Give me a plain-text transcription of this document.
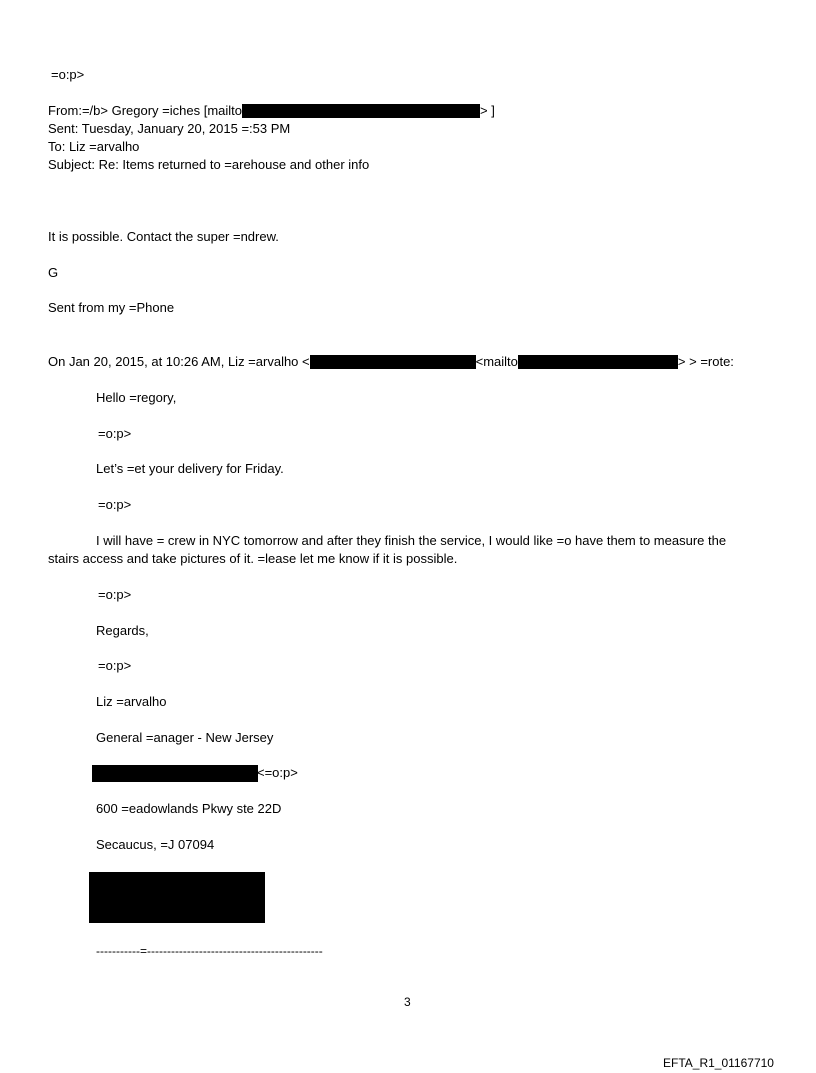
=o:p>
From:=/b> Gregory =iches [mailto	> ]
Sent: Tuesday, January 20, 2015 =:53 PM
To: Liz =arvalho
Subject: Re: Items returned to =arehouse and other info
It is possible. Contact the super =ndrew.
G
Sent from my =Phone
On Jan 20, 2015, at 10:26 AM, Liz =arvalho <	<mailto	> > =rote:
Hello =regory,
=o:p>
Let’s =et your delivery for Friday.
=o:p>
I will have = crew in NYC tomorrow and after they finish the service, I would like =o have them to measure the
stairs access and take pictures of it. =lease let me know if it is possible.
=o:p>
Regards,
=o:p>
Liz =arvalho
General =anager - New Jersey
<=o:p>
600 =eadowlands Pkwy ste 22D
Secaucus, =J 07094
-----------=--------------------------------------------
3
EFTA_R1_01167710
